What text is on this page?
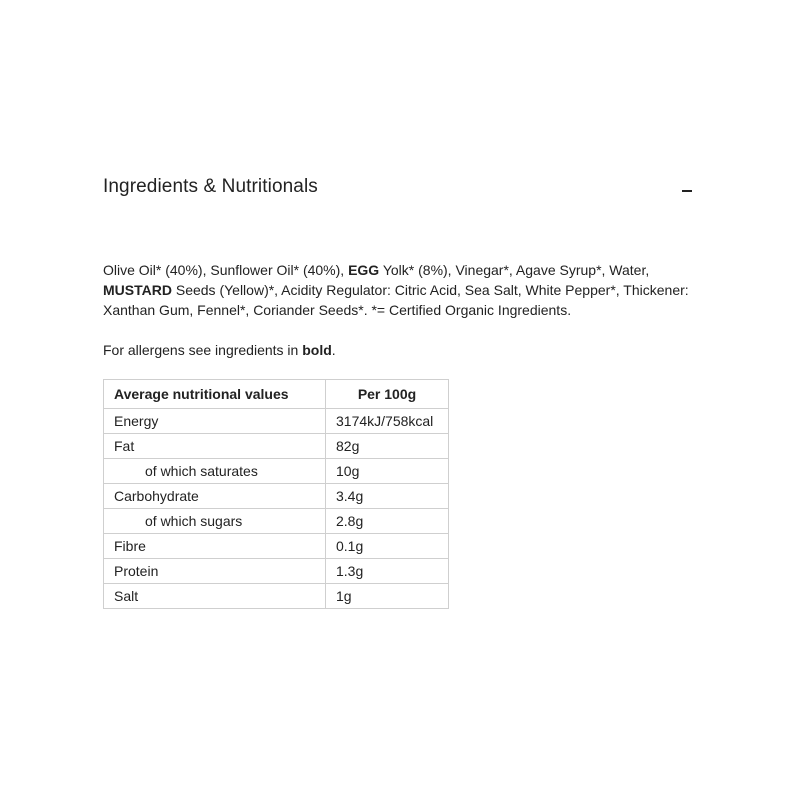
Ingredients & Nutritionals

Olive Oil* (40%), Sunflower Oil* (40%), EGG Yolk* (8%), Vinegar*, Agave Syrup*, Water, MUSTARD Seeds (Yellow)*, Acidity Regulator: Citric Acid, Sea Salt, White Pepper*, Thickener: Xanthan Gum, Fennel*, Coriander Seeds*. *= Certified Organic Ingredients.

For allergens see ingredients in bold.

Average nutritional values	Per 100g
Energy	3174kJ/758kcal
Fat	82g
of which saturates	10g
Carbohydrate	3.4g
of which sugars	2.8g
Fibre	0.1g
Protein	1.3g
Salt	1g
